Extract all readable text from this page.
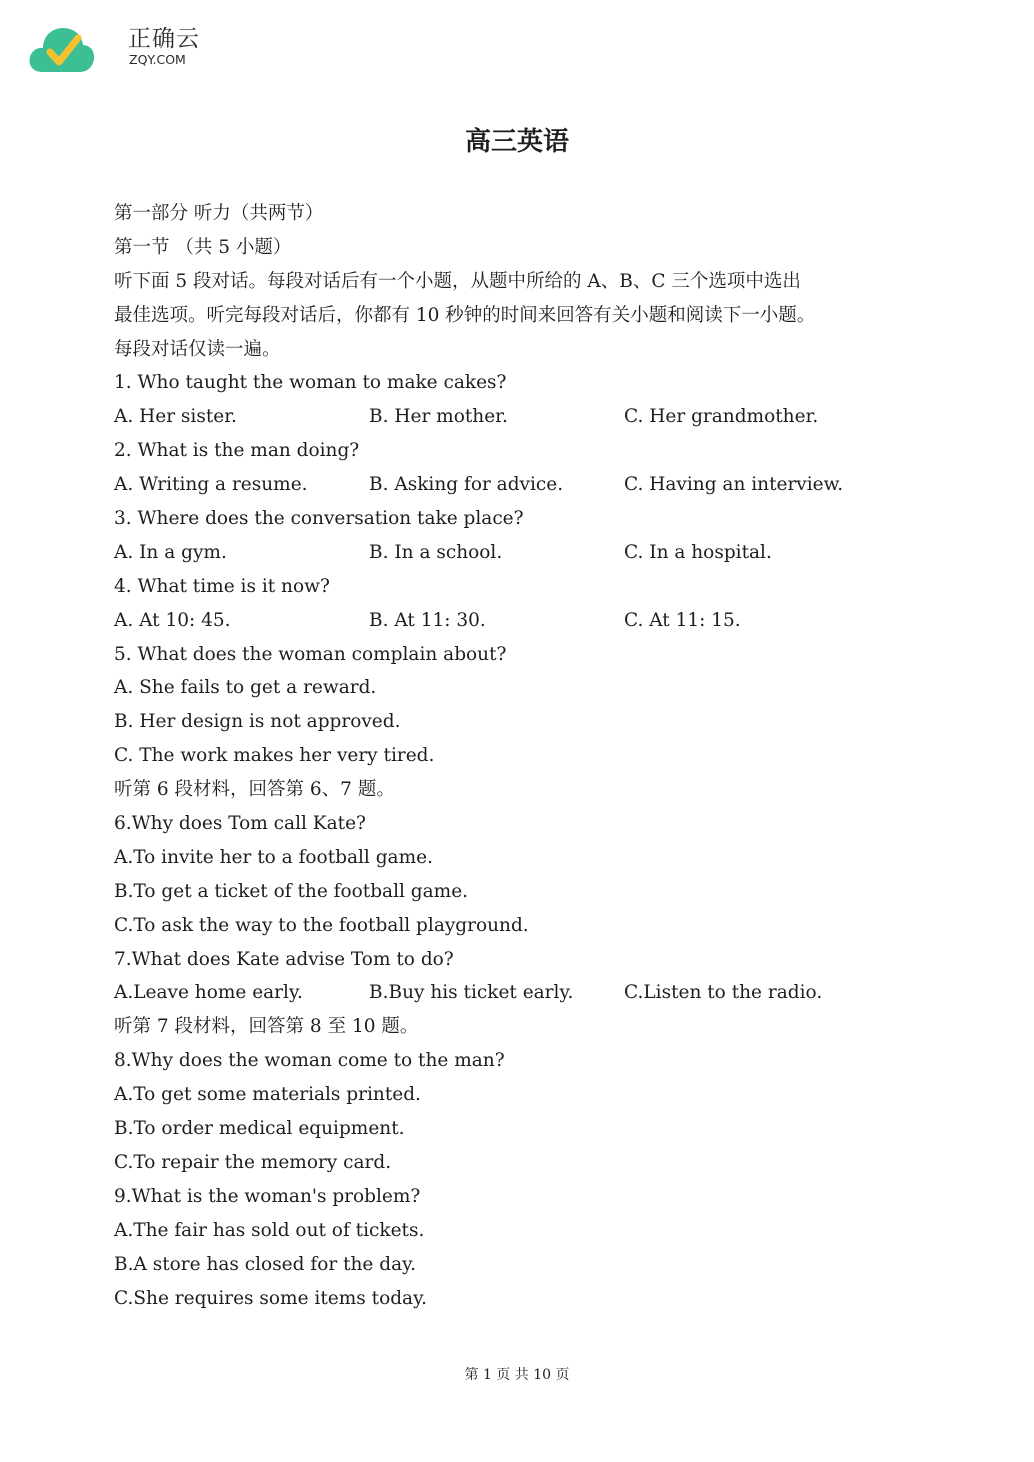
正确云
ZQY.COM
高三英语
第一部分 听力（共两节）
第一节 （共 5 小题）
听下面 5 段对话。每段对话后有一个小题，从题中所给的 A、B、C 三个选项中选出
最佳选项。听完每段对话后，你都有 10 秒钟的时间来回答有关小题和阅读下一小题。
每段对话仅读一遍。
1. Who taught the woman to make cakes?
A. Her sister.	B. Her mother.	C. Her grandmother.
2. What is the man doing?
A. Writing a resume.	B. Asking for advice.	C. Having an interview.
3. Where does the conversation take place?
A. In a gym.	B. In a school.	C. In a hospital.
4. What time is it now?
A. At 10: 45.	B. At 11: 30.	C. At 11: 15.
5. What does the woman complain about?
A. She fails to get a reward.
B. Her design is not approved.
C. The work makes her very tired.
听第 6 段材料，回答第 6、7 题。
6.Why does Tom call Kate?
A.To invite her to a football game.
B.To get a ticket of the football game.
C.To ask the way to the football playground.
7.What does Kate advise Tom to do?
A.Leave home early.	B.Buy his ticket early.	C.Listen to the radio.
听第 7 段材料，回答第 8 至 10 题。
8.Why does the woman come to the man?
A.To get some materials printed.
B.To order medical equipment.
C.To repair the memory card.
9.What is the woman's problem?
A.The fair has sold out of tickets.
B.A store has closed for the day.
C.She requires some items today.
第 1 页 共 10 页
